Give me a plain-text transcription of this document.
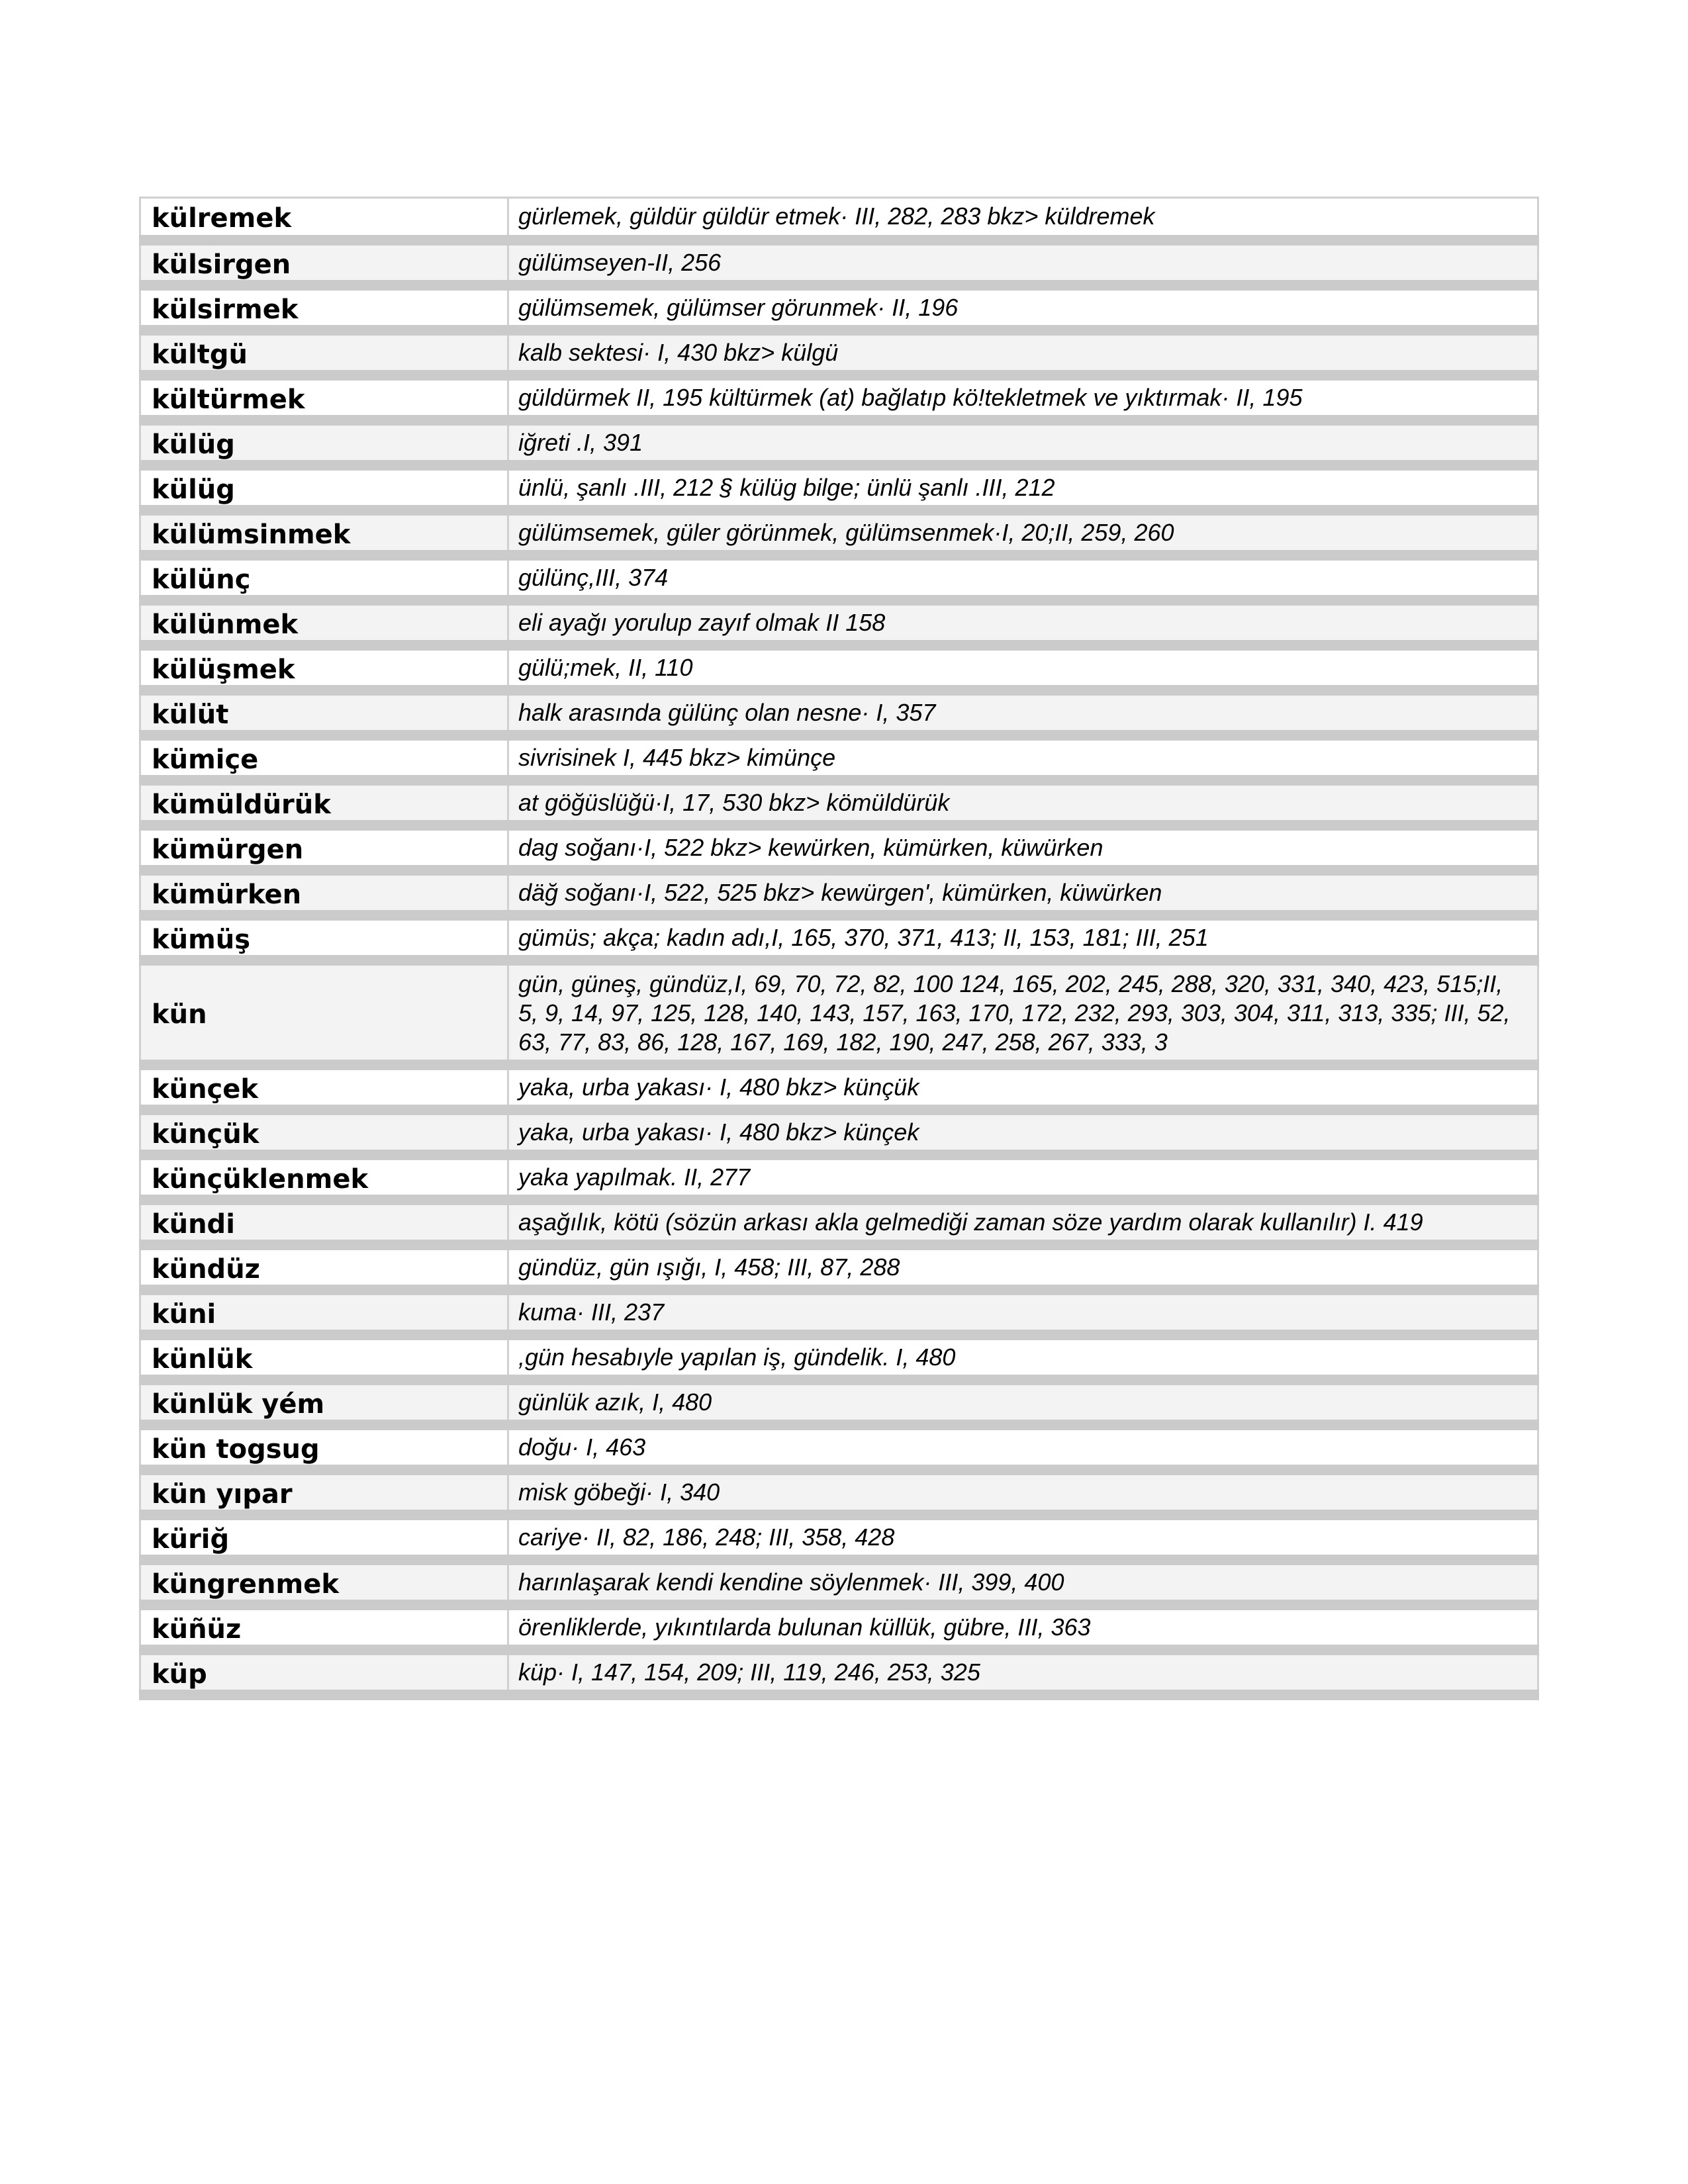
külremek	gürlemek, güldür güldür etmek· III, 282, 283 bkz> küldremek
külsirgen	gülümseyen-II, 256
külsirmek	gülümsemek, gülümser görunmek· II, 196
kültgü	kalb sektesi· I, 430 bkz> külgü
kültürmek	güldürmek II, 195 kültürmek (at) bağlatıp kö!tekletmek ve yıktırmak· II, 195
külüg	iğreti .I, 391
külüg	ünlü, şanlı .III, 212 § külüg bilge; ünlü şanlı .III, 212
külümsinmek	gülümsemek, güler görünmek, gülümsenmek·I, 20;II, 259, 260
külünç	gülünç,III, 374
külünmek	eli ayağı yorulup zayıf olmak II 158
külüşmek	gülü;mek, II, 110
külüt	halk arasında gülünç olan nesne· I, 357
kümiçe	sivrisinek I, 445 bkz> kimünçe
kümüldürük	at göğüslüğü·I, 17, 530 bkz> kömüldürük
kümürgen	dag soğanı·I, 522 bkz> kewürken, kümürken, küwürken
kümürken	däğ soğanı·I, 522, 525 bkz> kewürgen', kümürken, küwürken
kümüş	gümüs; akça; kadın adı,I, 165, 370, 371, 413; II, 153, 181; III, 251
kün	gün, güneş, gündüz,I, 69, 70, 72, 82, 100 124, 165, 202, 245, 288, 320, 331, 340, 423, 515;II, 5, 9, 14, 97, 125, 128, 140, 143, 157, 163, 170, 172, 232, 293, 303, 304, 311, 313, 335; III, 52, 63, 77, 83, 86, 128, 167, 169, 182, 190, 247, 258, 267, 333, 3
künçek	yaka, urba yakası· I, 480 bkz> künçük
künçük	yaka, urba yakası· I, 480 bkz> künçek
künçüklenmek	yaka yapılmak. II, 277
kündi	aşağılık, kötü (sözün arkası akla gelmediği zaman söze yardım olarak kullanılır) I. 419
kündüz	gündüz, gün ışığı, I, 458; III, 87, 288
küni	kuma· III, 237
künlük	,gün hesabıyle yapılan iş, gündelik. I, 480
künlük yém	günlük azık, I, 480
kün togsug	doğu· I, 463
kün yıpar	misk göbeği· I, 340
küriğ	cariye· II, 82, 186, 248; III, 358, 428
küngrenmek	harınlaşarak kendi kendine söylenmek· III, 399, 400
küñüz	örenliklerde, yıkıntılarda bulunan küllük, gübre, III, 363
küp	küp· I, 147, 154, 209; III, 119, 246, 253, 325
